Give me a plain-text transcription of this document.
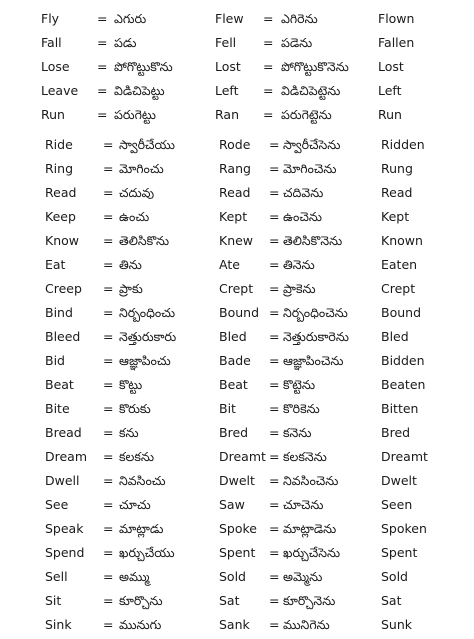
Fly	= ఎగురు	Flew = ఎగిరెను	Flown
Fall	= పడు	Fell = పడెను	Fallen
Lose = పోగొట్టుకొను	Lost = పోగొట్టుకొనెను Lost
Leave = విడిచిపెట్టు	Left = విడిచిపెట్టెను	Left
Run	= పరుగెట్టు	Ran = పరుగెట్టెను	Run
Ride = స్వారీచేయు	Rode = స్వారీచేసెను	Ridden
Ring = మోగించు	Rang = మోగించెను	Rung
Read = చదువు	Read = చదివెను	Read
Keep = ఉంచు	Kept = ఉంచెను	Kept
Know = తెలిసికొను	Knew = తెలిసికొనెను	Known
Eat	= తిను	Ate = తినెను	Eaten
Creep = ప్రాకు	Crept = ప్రాకెను	Crept
Bind = నిర్బంధించు	Bound = నిర్బంధించెను	Bound
Bleed = నెత్తురుకారు	Bled = నెత్తురుకారెను	Bled
Bid	= ఆజ్ఞాపించు	Bade = ఆజ్ఞాపించెను	Bidden
Beat = కొట్టు	Beat = కొట్టెను	Beaten
Bite	= కొరుకు	Bit	= కొరికెను	Bitten
Bread = కను	Bred = కనెను	Bred
Dream = కలకను	Dreamt = కలకనెను	Dreamt
Dwell = నివసించు	Dwelt = నివసించెను	Dwelt
See	= చూచు	Saw = చూచెను	Seen
Speak = మాట్లాడు	Spoke = మాట్లాడెను	Spoken
Spend = ఖర్చుచేయు	Spent = ఖర్చుచేసెను	Spent
Sell	= అమ్ము	Sold = అమ్మెను	Sold
Sit	= కూర్చొను	Sat = కూర్చొనెను	Sat
Sink	= మునుగు	Sank = మునిగెను	Sunk
